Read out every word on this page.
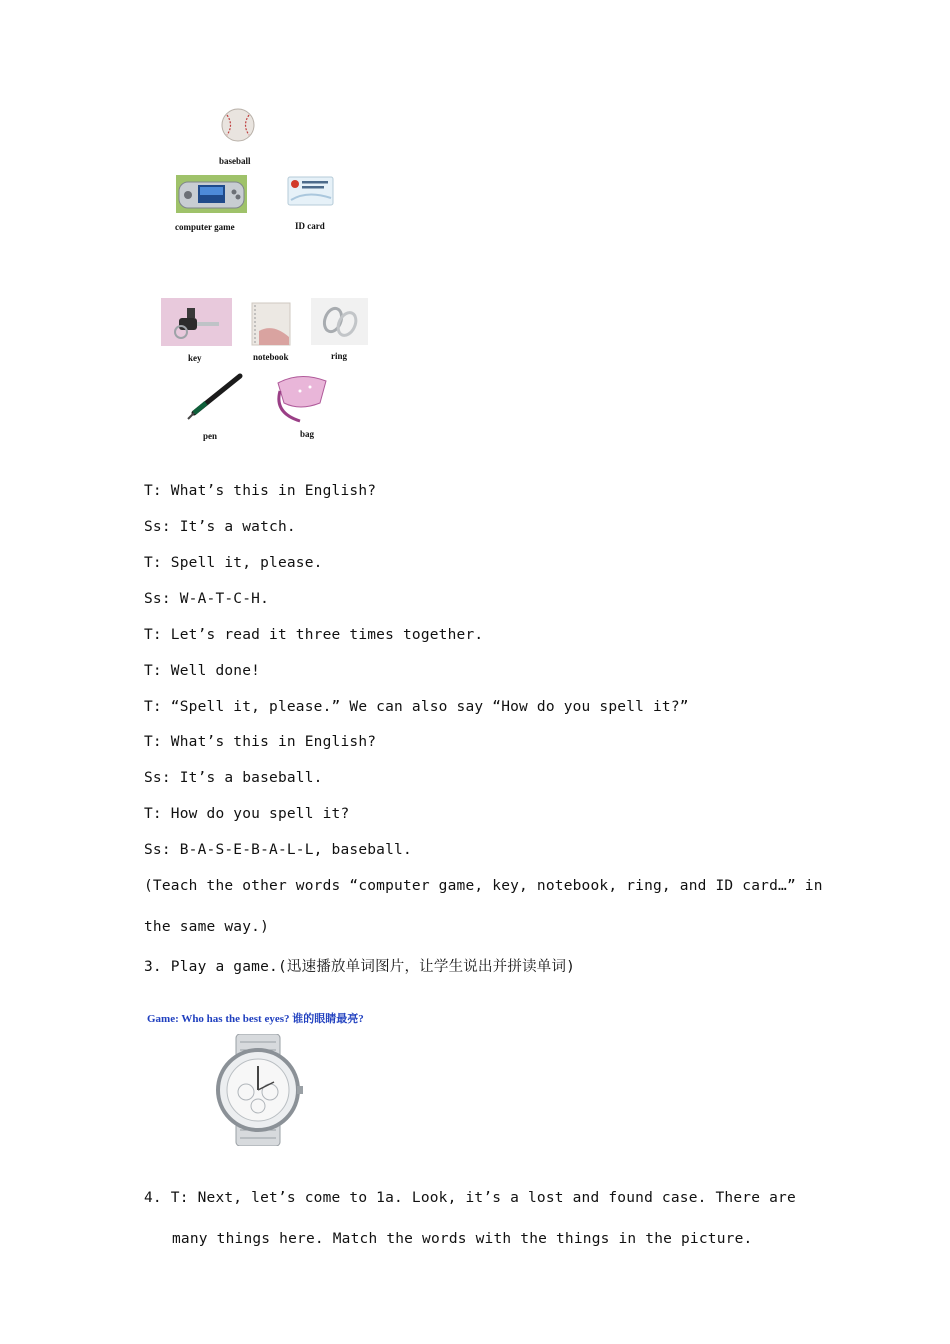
baseball
computer game	ID card
key	notebook	ring
pen	bag
T: What’s this in English?
Ss: It’s a watch.
T: Spell it, please.
Ss: W-A-T-C-H.
T: Let’s read it three times together.
T: Well done!
T: “Spell it, please.” We can also say “How do you spell it?”
T: What’s this in English?
Ss: It’s a baseball.
T: How do you spell it?
Ss: B-A-S-E-B-A-L-L, baseball.
(Teach the other words “computer game, key, notebook, ring, and ID card…” in
the same way.)
3. Play a game.(迅速播放单词图片，让学生说出并拼读单词)
Game: Who has the best eyes? 谁的眼睛最亮?
4. T: Next, let’s come to 1a. Look, it’s a lost and found case. There are
many things here. Match the words with the things in the picture.
